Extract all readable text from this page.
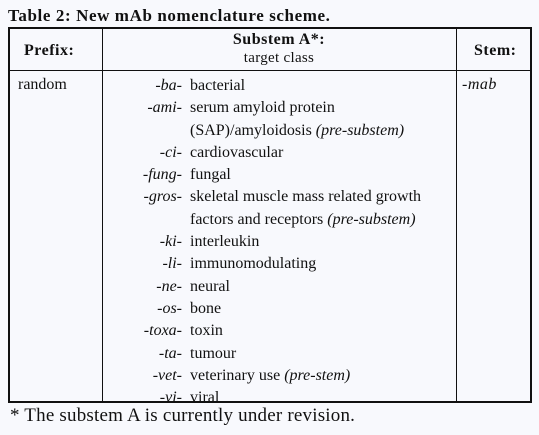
Table 2: New mAb nomenclature scheme.
Prefix:
Substem A*:
target class	Stem:
random	-ba- bacterial
-ami- serum amyloid protein
(SAP)/amyloidosis (pre-substem)
-ci- cardiovascular
-fung- fungal
-gros- skeletal muscle mass related growth
factors and receptors (pre-substem)
-ki- interleukin
-li- immunomodulating
-ne- neural
-os- bone
-toxa- toxin
-ta- tumour
-vet- veterinary use (pre-stem)
-vi- viral
-mab
* The substem A is currently under revision.
